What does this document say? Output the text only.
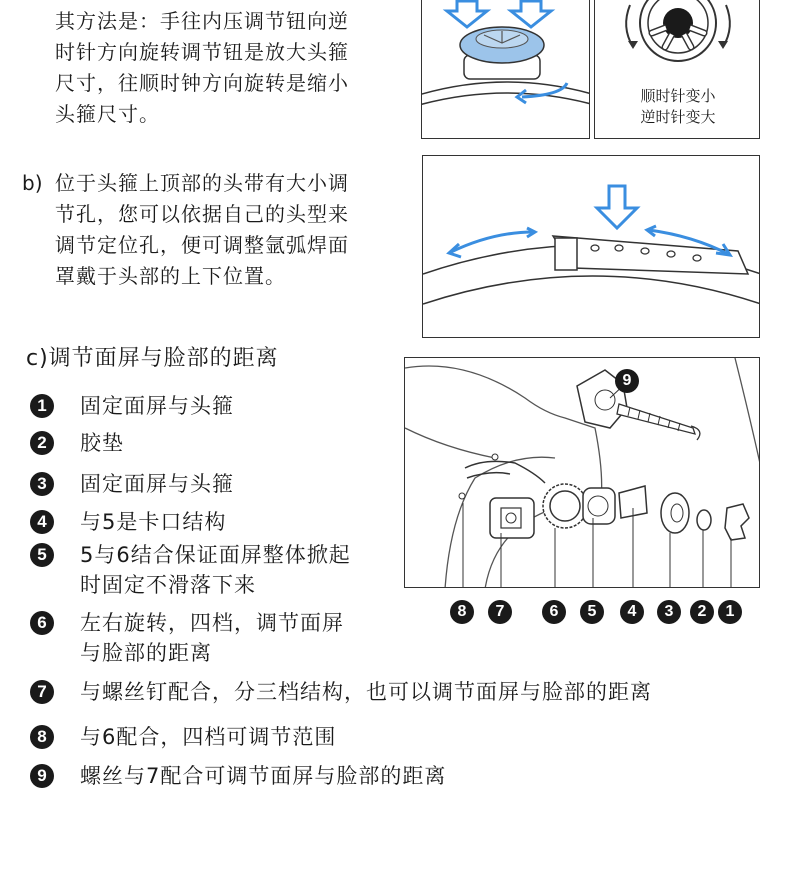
其方法是：手往内压调节钮向逆
时针方向旋转调节钮是放大头箍
尺寸，往顺时钟方向旋转是缩小
头箍尺寸。
顺时针变小
逆时针变大
b) 位于头箍上顶部的头带有大小调
节孔，您可以依据自己的头型来
调节定位孔，便可调整氩弧焊面
罩戴于头部的上下位置。
c)调节面屏与脸部的距离
1	固定面屏与头箍
2	胶垫
3	固定面屏与头箍
4	与5是卡口结构
5	5与6结合保证面屏整体掀起
时固定不滑落下来
6	左右旋转，四档，调节面屏
与脸部的距离
7	与螺丝钉配合，分三档结构，也可以调节面屏与脸部的距离
8	与6配合，四档可调节范围
9	螺丝与7配合可调节面屏与脸部的距离
9
8	7	6	5	4	3	2	1
